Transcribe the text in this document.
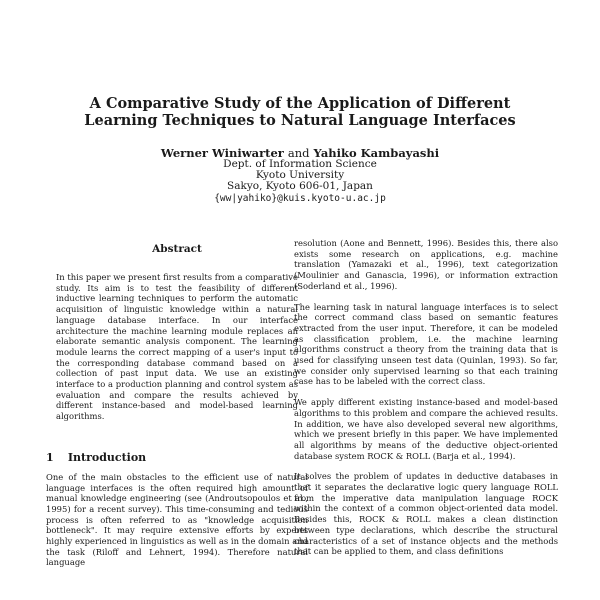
A Comparative Study of the Application of Different
Learning Techniques to Natural Language Interfaces
Werner Winiwarter and Yahiko Kambayashi
Dept. of Information Science
Kyoto University
Sakyo, Kyoto 606-01, Japan
{ww|yahiko}@kuis.kyoto-u.ac.jp
Abstract

In this paper we present first results from a comparative study. Its aim is to test the feasibility of different inductive learning techniques to perform the automatic acquisition of linguistic knowledge within a natural language database interface. In our interface architecture the machine learning module replaces an elaborate semantic analysis component. The learning module learns the correct mapping of a user's input to the corresponding database command based on a collection of past input data. We use an existing interface to a production planning and control system as evaluation and compare the results achieved by different instance-based and model-based learning algorithms.

1 Introduction

One of the main obstacles to the efficient use of natural language interfaces is the often required high amount of manual knowledge engineering (see (Androutsopoulos et al., 1995) for a recent survey). This time-consuming and tedious process is often referred to as "knowledge acquisition bottleneck". It may require extensive efforts by experts highly experienced in linguistics as well as in the domain and the task (Riloff and Lehnert, 1994). Therefore natural language

resolution (Aone and Bennett, 1996). Besides this, there also exists some research on applications, e.g. machine translation (Yamazaki et al., 1996), text categorization (Moulinier and Ganascia, 1996), or information extraction (Soderland et al., 1996).

The learning task in natural language interfaces is to select the correct command class based on semantic features extracted from the user input. Therefore, it can be modeled as classification problem, i.e. the machine learning algorithms construct a theory from the training data that is used for classifying unseen test data (Quinlan, 1993). So far, we consider only supervised learning so that each training case has to be labeled with the correct class.

We apply different existing instance-based and model-based algorithms to this problem and compare the achieved results. In addition, we have also developed several new algorithms, which we present briefly in this paper. We have implemented all algorithms by means of the deductive object-oriented database system ROCK & ROLL (Barja et al., 1994).

It solves the problem of updates in deductive databases in that it separates the declarative logic query language ROLL from the imperative data manipulation language ROCK within the context of a common object-oriented data model. Besides this, ROCK & ROLL makes a clean distinction between type declarations, which describe the structural characteristics of a set of instance objects and the methods that can be applied to them, and class definitions
